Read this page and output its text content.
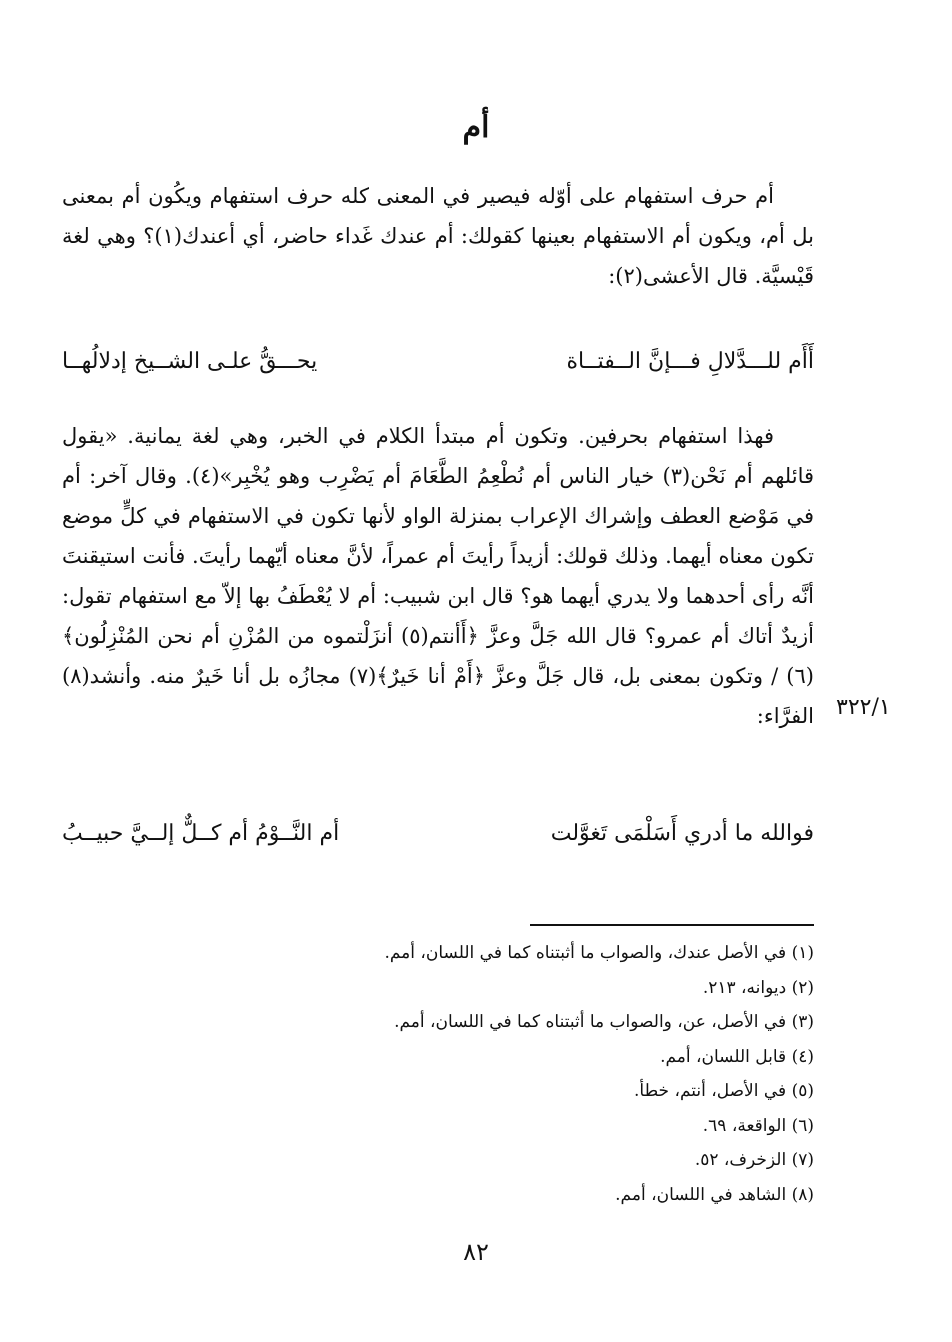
أم

أم حرف استفهام على أوّله فيصير في المعنى كله حرف استفهام ويكُون أم بمعنى بل أم، ويكون أم الاستفهام بعينها كقولك: أم عندك غَداء حاضر، أي أعندك(١)؟ وهي لغة قَيْسيَّة. قال الأعشى(٢):

أَأَم للـــدَّلالِ فـــإنَّ الــفتــاة
يحـــقُّ علـى الشــيخ إدلالُهــا

فهذا استفهام بحرفين. وتكون أم مبتدأ الكلام في الخبر، وهي لغة يمانية. «يقول قائلهم أم نَحْن(٣) خيار الناس أم نُطْعِمُ الطَّعَامَ أم يَضْرِب وهو يُخْبِر»(٤). وقال آخر: أم في مَوْضع العطف وإشراك الإعراب بمنزلة الواو لأنها تكون في الاستفهام في كلٍّ موضع تكون معناه أيهما. وذلك قولك: أزيداً رأيتَ أم عمراً، لأنَّ معناه أيّهما رأيتَ. فأنت استيقنتَ أنَّه رأى أحدهما ولا يدري أيهما هو؟ قال ابن شبيب: أم لا يُعْطَفُ بها إلاّ مع استفهام تقول: أزيدٌ أتاك أم عمرو؟ قال الله جَلَّ وعزَّ ﴿أَأنتم(٥) أنزَلْتموه من المُزْنِ أم نحن المُنْزِلُون﴾(٦) / وتكون بمعنى بل، قال جَلَّ وعزَّ ﴿أَمْ أنا خَيرٌ﴾(٧) مجازُه بل أنا خَيرٌ منه. وأنشد(٨) الفرَّاء: ٣٢٢/١
فوالله ما أدري أَسَلْمَى تَغوَّلت
أم النَّــوْمُ أم كــلٌّ إلــيَّ حبيــبُ
(١) في الأصل عندك، والصواب ما أثبتناه كما في اللسان، أمم.
(٢) ديوانه، ٢١٣.
(٣) في الأصل، عن، والصواب ما أثبتناه كما في اللسان، أمم.
(٤) قابل اللسان، أمم.
(٥) في الأصل، أنتم، خطأ.
(٦) الواقعة، ٦٩.
(٧) الزخرف، ٥٢.
(٨) الشاهد في اللسان، أمم.
٨٢
